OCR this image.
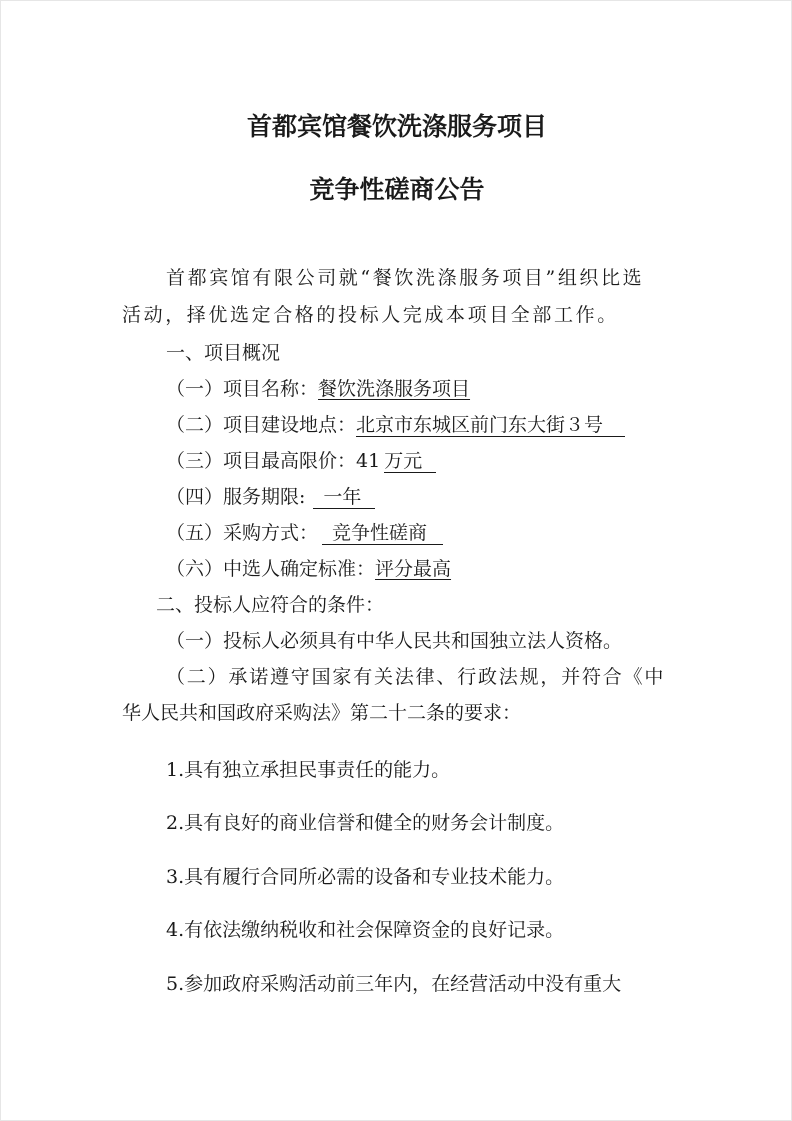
首都宾馆餐饮洗涤服务项目
竞争性磋商公告
首都宾馆有限公司就“餐饮洗涤服务项目”组织比选
活动，择优选定合格的投标人完成本项目全部工作。
一、项目概况
（一）项目名称：餐饮洗涤服务项目
（二）项目建设地点：北京市东城区前门东大街３号
（三）项目最高限价：41 万元
（四）服务期限: 一年
（五）采购方式： 竞争性磋商
（六）中选人确定标准：评分最高
二、投标人应符合的条件：
（一）投标人必须具有中华人民共和国独立法人资格。
（二）承诺遵守国家有关法律、行政法规，并符合《中
华人民共和国政府采购法》第二十二条的要求：
1.具有独立承担民事责任的能力。
2.具有良好的商业信誉和健全的财务会计制度。
3.具有履行合同所必需的设备和专业技术能力。
4.有依法缴纳税收和社会保障资金的良好记录。
5.参加政府采购活动前三年内，在经营活动中没有重大
